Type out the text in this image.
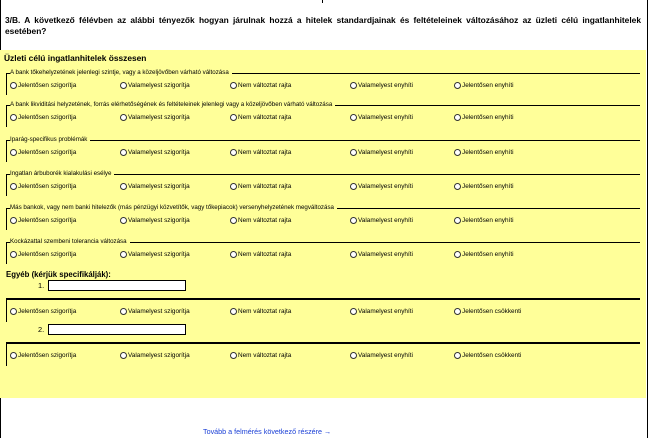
3/B. A következő félévben az alábbi tényezők hogyan járulnak hozzá a hitelek standardjainak és feltételeinek változásához az üzleti célú ingatlanhitelek esetében?
Üzleti célú ingatlanhitelek összesen
A bank tőkehelyzetének jelenlegi szintje, vagy a közeljövőben várható változása
Jelentősen szigorítja	Valamelyest szigorítja	Nem változtat rajta	Valamelyest enyhíti	Jelentősen enyhíti
A bank likviditási helyzetének, forrás elérhetőségének és feltételeinek jelenlegi vagy a közeljövőben várható változása
Jelentősen szigorítja	Valamelyest szigorítja	Nem változtat rajta	Valamelyest enyhíti	Jelentősen enyhíti
Iparág-specifikus problémák
Jelentősen szigorítja	Valamelyest szigorítja	Nem változtat rajta	Valamelyest enyhíti	Jelentősen enyhíti
Ingatlan árbuborék kialakulási esélye
Jelentősen szigorítja	Valamelyest szigorítja	Nem változtat rajta	Valamelyest enyhíti	Jelentősen enyhíti
Más bankok, vagy nem banki hitelezők (más pénzügyi közvetítők, vagy tőkepiacok) versenyhelyzetének megváltozása
Jelentősen szigorítja	Valamelyest szigorítja	Nem változtat rajta	Valamelyest enyhíti	Jelentősen enyhíti
Kockázattal szembeni tolerancia változása
Jelentősen szigorítja	Valamelyest szigorítja	Nem változtat rajta	Valamelyest enyhíti	Jelentősen enyhíti
Egyéb (kérjük specifikálják):
1.
Jelentősen szigorítja	Valamelyest szigorítja	Nem változtat rajta	Valamelyest enyhíti	Jelentősen csökkenti
2.
Jelentősen szigorítja	Valamelyest szigorítja	Nem változtat rajta	Valamelyest enyhíti	Jelentősen csökkenti
Tovább a felmérés következő részére →
